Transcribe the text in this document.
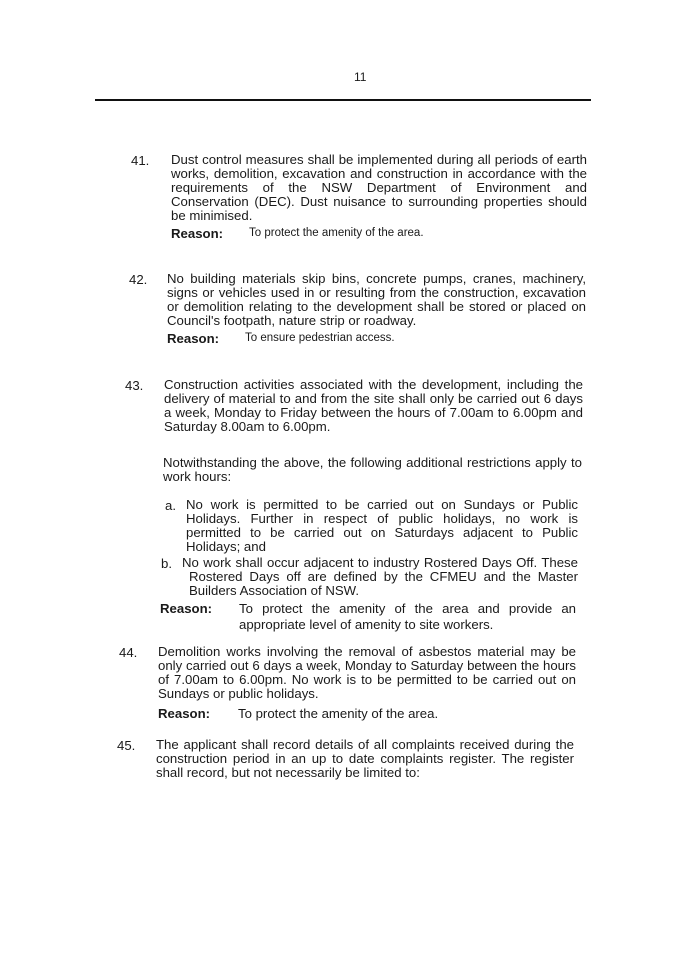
11
41. Dust control measures shall be implemented during all periods of earth
works, demolition, excavation and construction in accordance with the
requirements of the NSW Department of Environment and
Conservation (DEC). Dust nuisance to surrounding properties should
be minimised.
Reason: To protect the amenity of the area.
42. No building materials skip bins, concrete pumps, cranes, machinery,
signs or vehicles used in or resulting from the construction, excavation
or demolition relating to the development shall be stored or placed on
Council's footpath, nature strip or roadway.
Reason: To ensure pedestrian access.
43. Construction activities associated with the development, including the
delivery of material to and from the site shall only be carried out 6 days
a week, Monday to Friday between the hours of 7.00am to 6.00pm and
Saturday 8.00am to 6.00pm.
Notwithstanding the above, the following additional restrictions apply to
work hours:
a. No work is permitted to be carried out on Sundays or Public
Holidays. Further in respect of public holidays, no work is
permitted to be carried out on Saturdays adjacent to Public
Holidays; and
b. No work shall occur adjacent to industry Rostered Days Off. These
Rostered Days off are defined by the CFMEU and the Master
Builders Association of NSW.
Reason: To protect the amenity of the area and provide an
appropriate level of amenity to site workers.
44. Demolition works involving the removal of asbestos material may be
only carried out 6 days a week, Monday to Saturday between the hours
of 7.00am to 6.00pm. No work is to be permitted to be carried out on
Sundays or public holidays.
Reason: To protect the amenity of the area.
45. The applicant shall record details of all complaints received during the
construction period in an up to date complaints register. The register
shall record, but not necessarily be limited to:
